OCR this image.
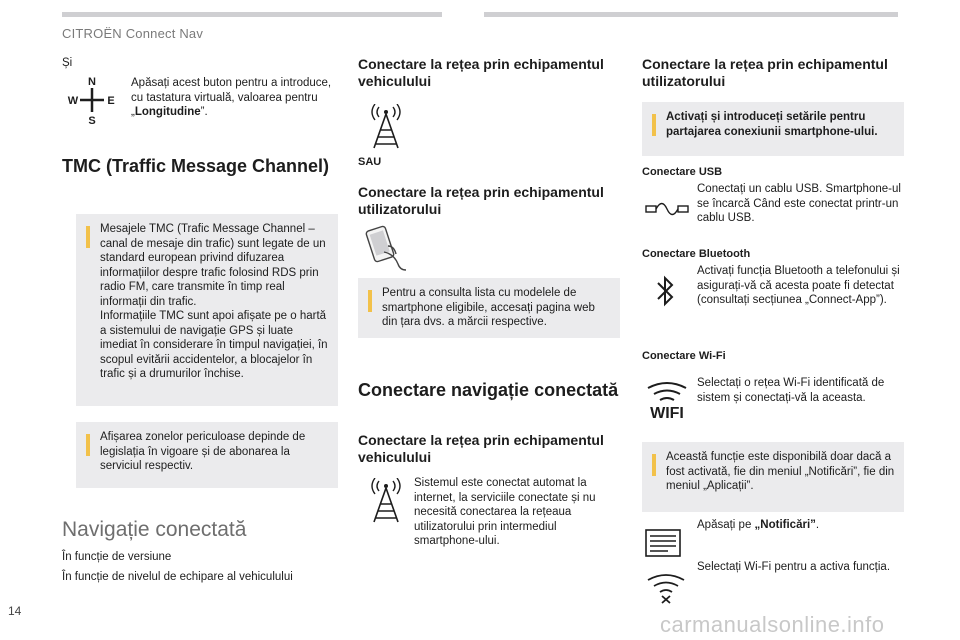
CITROËN Connect Nav
Și
N
W	E
S
Apăsați acest buton pentru a introduce, cu tastatura virtuală, valoarea pentru „Longitudine”.
TMC (Traffic Message Channel)
Mesajele TMC (Trafic Message Channel – canal de mesaje din trafic) sunt legate de un standard european privind difuzarea informațiilor despre trafic folosind RDS prin radio FM, care transmite în timp real informații din trafic.
Informațiile TMC sunt apoi afișate pe o hartă a sistemului de navigație GPS și luate imediat în considerare în timpul navigației, în scopul evitării accidentelor, a blocajelor în trafic și a drumurilor închise.
Afișarea zonelor periculoase depinde de legislația în vigoare și de abonarea la serviciul respectiv.
Navigație conectată
În funcție de versiune
În funcție de nivelul de echipare al vehiculului
Conectare la rețea prin echipamentul vehiculului
SAU
Conectare la rețea prin echipamentul utilizatorului
Pentru a consulta lista cu modelele de smartphone eligibile, accesați pagina web din țara dvs. a mărcii respective.
Conectare navigație conectată
Conectare la rețea prin echipamentul vehiculului
Sistemul este conectat automat la internet, la serviciile conectate și nu necesită conectarea la rețeaua utilizatorului prin intermediul smartphone-ului.
Conectare la rețea prin echipamentul utilizatorului
Activați și introduceți setările pentru partajarea conexiunii smartphone-ului.
Conectare USB
Conectați un cablu USB. Smartphone-ul se încarcă Când este conectat printr-un cablu USB.
Conectare Bluetooth
Activați funcția Bluetooth a telefonului și asigurați-vă că acesta poate fi detectat (consultați secțiunea „Connect-App”).
Conectare Wi-Fi
WIFI
Selectați o rețea Wi-Fi identificată de sistem și conectați-vă la aceasta.
Această funcție este disponibilă doar dacă a fost activată, fie din meniul „Notificări”, fie din meniul „Aplicații”.
Apăsați pe „Notificări”.
Selectați Wi-Fi pentru a activa funcția.
14
carmanualsonline.info
